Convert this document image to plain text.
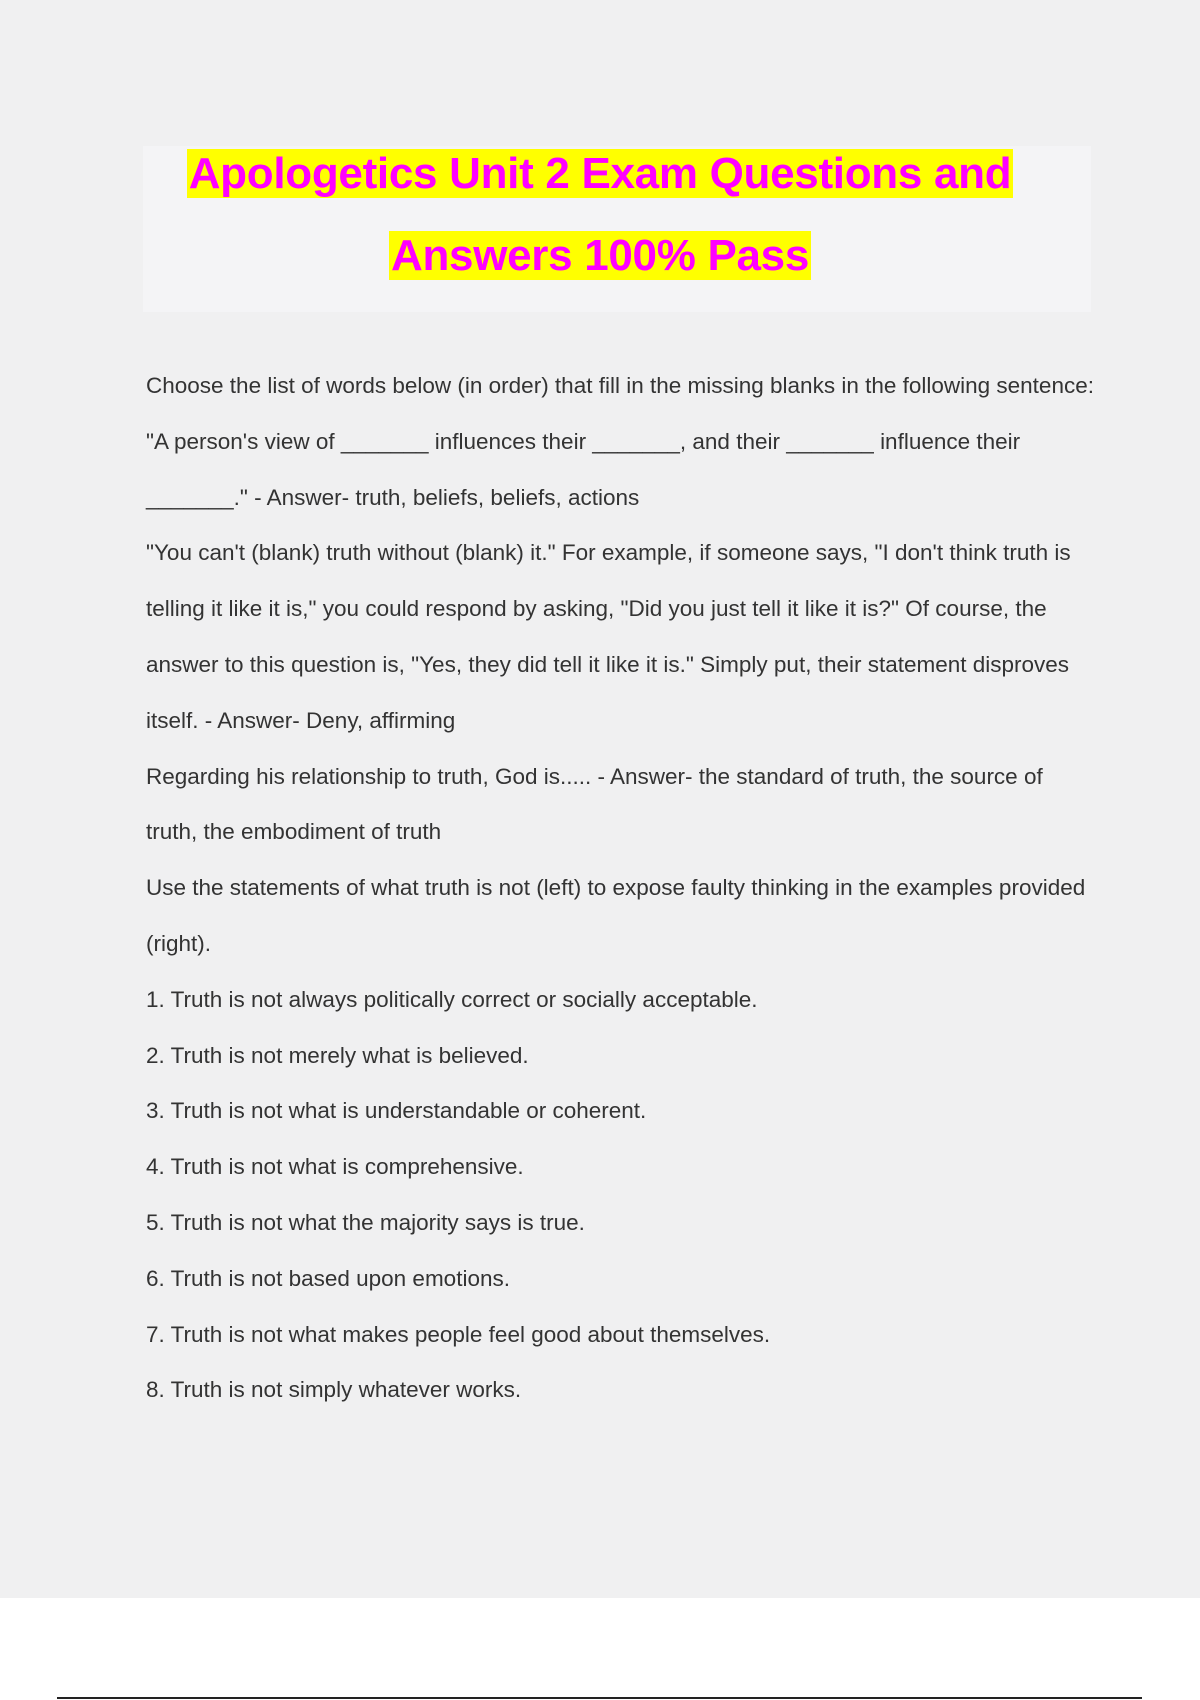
Apologetics Unit 2 Exam Questions and
Answers 100% Pass

Choose the list of words below (in order) that fill in the missing blanks in the following sentence: "A person's view of _______ influences their _______, and their _______ influence their _______." - Answer- truth, beliefs, beliefs, actions

"You can't (blank) truth without (blank) it." For example, if someone says, "I don't think truth is telling it like it is," you could respond by asking, "Did you just tell it like it is?" Of course, the answer to this question is, "Yes, they did tell it like it is." Simply put, their statement disproves itself. - Answer- Deny, affirming

Regarding his relationship to truth, God is..... - Answer- the standard of truth, the source of truth, the embodiment of truth

Use the statements of what truth is not (left) to expose faulty thinking in the examples provided (right).

1. Truth is not always politically correct or socially acceptable.

2. Truth is not merely what is believed.

3. Truth is not what is understandable or coherent.

4. Truth is not what is comprehensive.

5. Truth is not what the majority says is true.

6. Truth is not based upon emotions.

7. Truth is not what makes people feel good about themselves.

8. Truth is not simply whatever works.
